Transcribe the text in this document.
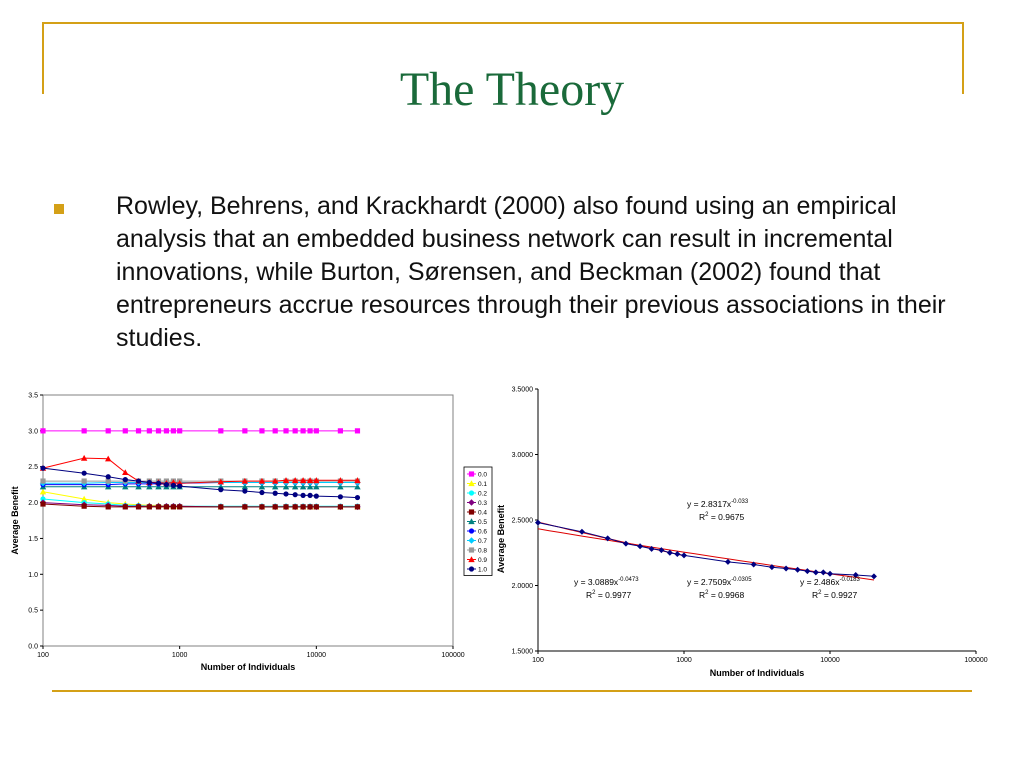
The Theory
Rowley, Behrens, and Krackhardt (2000) also found using an empirical analysis that an embedded business network can result in incremental innovations, while Burton, Sørensen, and Beckman (2002) found that entrepreneurs accrue resources through their previous associations in their studies.
0.0
0.5
1.0
1.5
2.0
2.5
3.0
3.5
100	1000	10000	100000
Number of Individuals
Average Benefit
1.5000
2.0000
2.5000
3.0000
3.5000
100	1000	10000	100000
Number of Individuals
$y = 2.8317x^{-0.033}$
$R^2 = 0.9675$
$y = 3.0889x^{-0.0473}$
$R^2 = 0.9977$
$y = 2.7509x^{-0.0305}$
$R^2 = 0.9968$
$y = 2.486x^{-0.0183}$
$R^2 = 0.9927$
0.0
0.1
0.2
0.3
0.4
0.5
0.6
0.7
0.8
0.9
1.0 Average Benefit
